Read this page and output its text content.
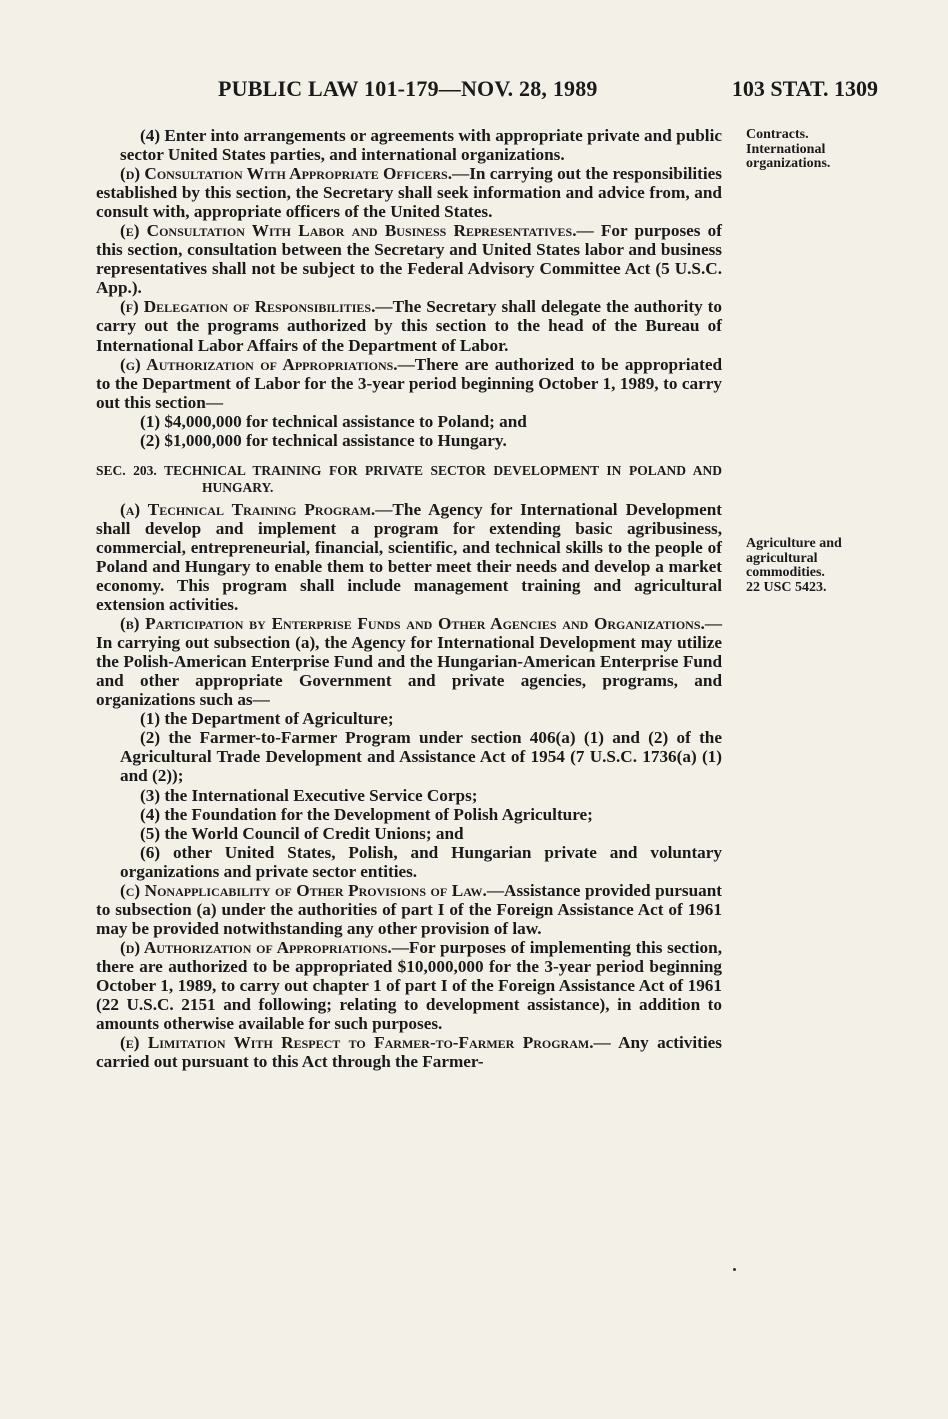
PUBLIC LAW 101-179—NOV. 28, 1989	103 STAT. 1309

(4) Enter into arrangements or agreements with appropriate private and public sector United States parties, and international organizations.

(d) Consultation With Appropriate Officers.—In carrying out the responsibilities established by this section, the Secretary shall seek information and advice from, and consult with, appropriate officers of the United States.

(e) Consultation With Labor and Business Representatives.— For purposes of this section, consultation between the Secretary and United States labor and business representatives shall not be subject to the Federal Advisory Committee Act (5 U.S.C. App.).

(f) Delegation of Responsibilities.—The Secretary shall delegate the authority to carry out the programs authorized by this section to the head of the Bureau of International Labor Affairs of the Department of Labor.

(g) Authorization of Appropriations.—There are authorized to be appropriated to the Department of Labor for the 3-year period beginning October 1, 1989, to carry out this section—

(1) $4,000,000 for technical assistance to Poland; and

(2) $1,000,000 for technical assistance to Hungary.

SEC. 203. TECHNICAL TRAINING FOR PRIVATE SECTOR DEVELOPMENT IN POLAND AND HUNGARY.

(a) Technical Training Program.—The Agency for International Development shall develop and implement a program for extending basic agribusiness, commercial, entrepreneurial, financial, scientific, and technical skills to the people of Poland and Hungary to enable them to better meet their needs and develop a market economy. This program shall include management training and agricultural extension activities.

(b) Participation by Enterprise Funds and Other Agencies and Organizations.—In carrying out subsection (a), the Agency for International Development may utilize the Polish-American Enterprise Fund and the Hungarian-American Enterprise Fund and other appropriate Government and private agencies, programs, and organizations such as—

(1) the Department of Agriculture;

(2) the Farmer-to-Farmer Program under section 406(a) (1) and (2) of the Agricultural Trade Development and Assistance Act of 1954 (7 U.S.C. 1736(a) (1) and (2));

(3) the International Executive Service Corps;

(4) the Foundation for the Development of Polish Agriculture;

(5) the World Council of Credit Unions; and

(6) other United States, Polish, and Hungarian private and voluntary organizations and private sector entities.

(c) Nonapplicability of Other Provisions of Law.—Assistance provided pursuant to subsection (a) under the authorities of part I of the Foreign Assistance Act of 1961 may be provided notwithstanding any other provision of law.

(d) Authorization of Appropriations.—For purposes of implementing this section, there are authorized to be appropriated $10,000,000 for the 3-year period beginning October 1, 1989, to carry out chapter 1 of part I of the Foreign Assistance Act of 1961 (22 U.S.C. 2151 and following; relating to development assistance), in addition to amounts otherwise available for such purposes.

(e) Limitation With Respect to Farmer-to-Farmer Program.— Any activities carried out pursuant to this Act through the Farmer-

Contracts.
International
organizations.
Agriculture and
agricultural
commodities.
22 USC 5423.
